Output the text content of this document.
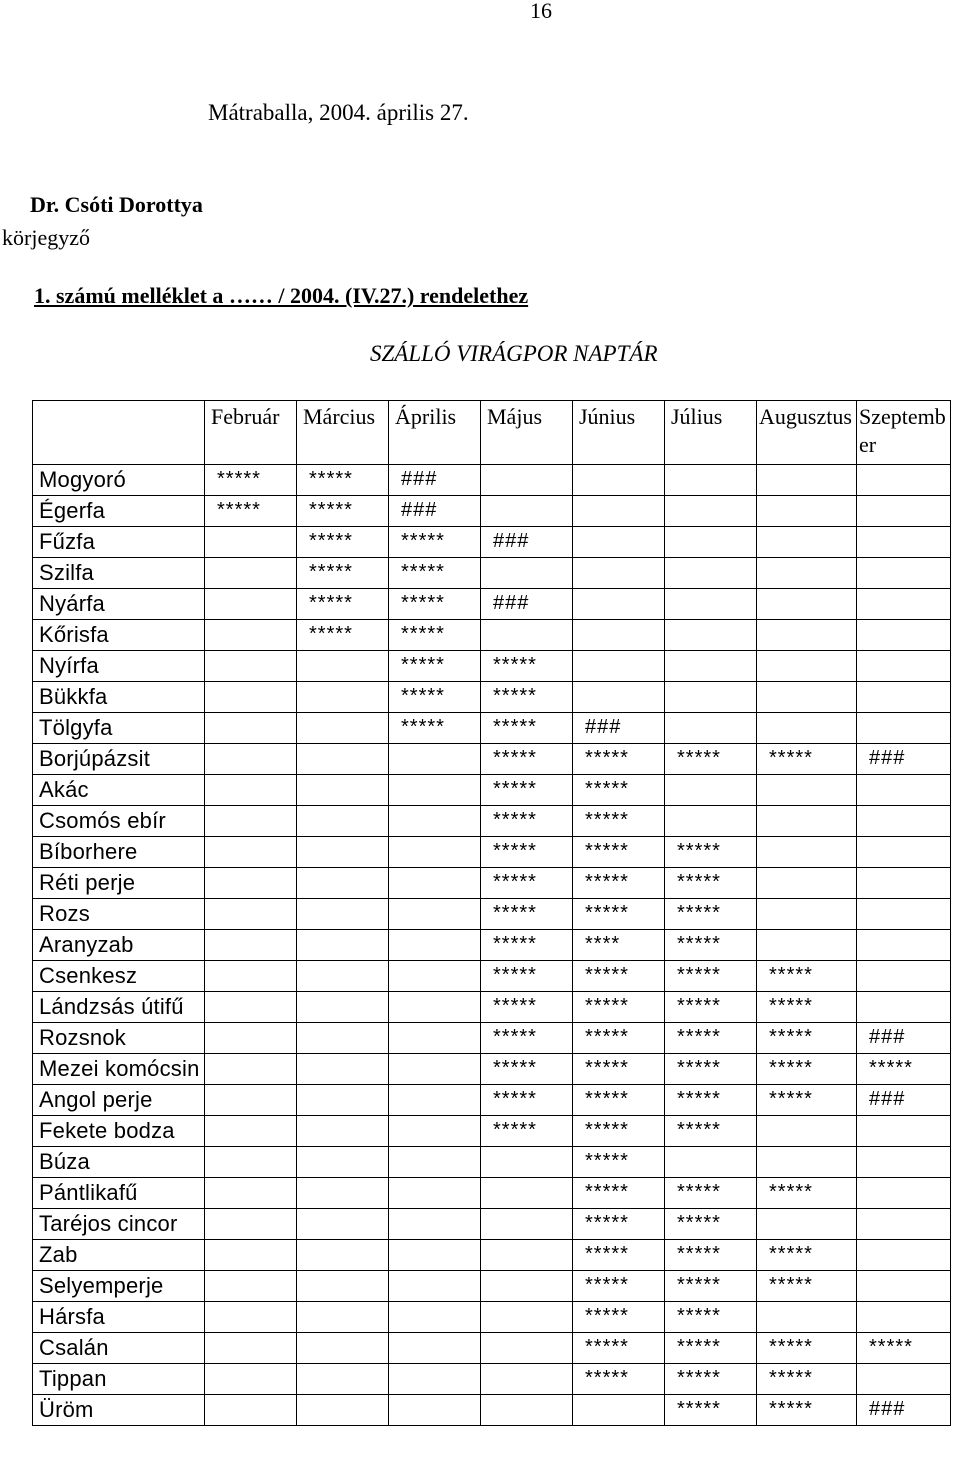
16
Mátraballa, 2004. április 27.
Dr. Csóti Dorottya
körjegyző
1. számú melléklet a …… / 2004. (IV.27.) rendelethez
SZÁLLÓ VIRÁGPOR NAPTÁR
	Február	Március	Április	Május	Június	Július	Augusztus	Szeptember
Mogyoró	*****	*****	###					
Égerfa	*****	*****	###					
Fűzfa		*****	*****	###				
Szilfa		*****	*****					
Nyárfa		*****	*****	###				
Kőrisfa		*****	*****					
Nyírfa			*****	*****				
Bükkfa			*****	*****				
Tölgyfa			*****	*****	###			
Borjúpázsit				*****	*****	*****	*****	###
Akác				*****	*****			
Csomós ebír				*****	*****			
Bíborhere				*****	*****	*****		
Réti perje				*****	*****	*****		
Rozs				*****	*****	*****		
Aranyzab				*****	****	*****		
Csenkesz				*****	*****	*****	*****	
Lándzsás útifű				*****	*****	*****	*****	
Rozsnok				*****	*****	*****	*****	###
Mezei komócsin				*****	*****	*****	*****	*****
Angol perje				*****	*****	*****	*****	###
Fekete bodza				*****	*****	*****		
Búza					*****			
Pántlikafű					*****	*****	*****	
Taréjos cincor					*****	*****		
Zab					*****	*****	*****	
Selyemperje					*****	*****	*****	
Hársfa					*****	*****		
Csalán					*****	*****	*****	*****
Tippan					*****	*****	*****	
Üröm						*****	*****	###
